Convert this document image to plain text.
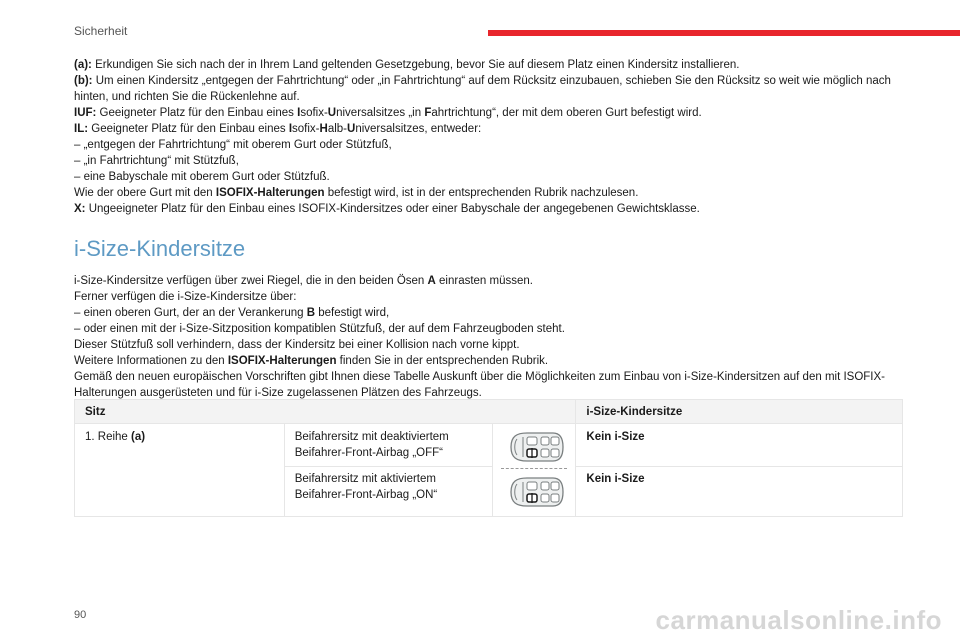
Sicherheit

(a): Erkundigen Sie sich nach der in Ihrem Land geltenden Gesetzgebung, bevor Sie auf diesem Platz einen Kindersitz installieren.

(b): Um einen Kindersitz „entgegen der Fahrtrichtung“ oder „in Fahrtrichtung“ auf dem Rücksitz einzubauen, schieben Sie den Rücksitz so weit wie möglich nach hinten, und richten Sie die Rückenlehne auf.

IUF: Geeigneter Platz für den Einbau eines Isofix-Universalsitzes „in Fahrtrichtung“, der mit dem oberen Gurt befestigt wird.

IL: Geeigneter Platz für den Einbau eines Isofix-Halb-Universalsitzes, entweder:

– „entgegen der Fahrtrichtung“ mit oberem Gurt oder Stützfuß,

– „in Fahrtrichtung“ mit Stützfuß,

– eine Babyschale mit oberem Gurt oder Stützfuß.

Wie der obere Gurt mit den ISOFIX-Halterungen befestigt wird, ist in der entsprechenden Rubrik nachzulesen.

X: Ungeeigneter Platz für den Einbau eines ISOFIX-Kindersitzes oder einer Babyschale der angegebenen Gewichtsklasse.

i-Size-Kindersitze

i-Size-Kindersitze verfügen über zwei Riegel, die in den beiden Ösen A einrasten müssen.

Ferner verfügen die i-Size-Kindersitze über:

– einen oberen Gurt, der an der Verankerung B befestigt wird,

– oder einen mit der i-Size-Sitzposition kompatiblen Stützfuß, der auf dem Fahrzeugboden steht.

Dieser Stützfuß soll verhindern, dass der Kindersitz bei einer Kollision nach vorne kippt.

Weitere Informationen zu den ISOFIX-Halterungen finden Sie in der entsprechenden Rubrik.

Gemäß den neuen europäischen Vorschriften gibt Ihnen diese Tabelle Auskunft über die Möglichkeiten zum Einbau von i-Size-Kindersitzen auf den mit ISOFIX-Halterungen ausgerüsteten und für i-Size zugelassenen Plätzen des Fahrzeugs.

Sitz			i-Size-Kindersitze
1. Reihe (a)	Beifahrersitz mit deaktiviertem Beifahrer-Front-Airbag „OFF“		Kein i-Size
	Beifahrersitz mit aktiviertem Beifahrer-Front-Airbag „ON“		Kein i-Size
90	carmanualsonline.info
